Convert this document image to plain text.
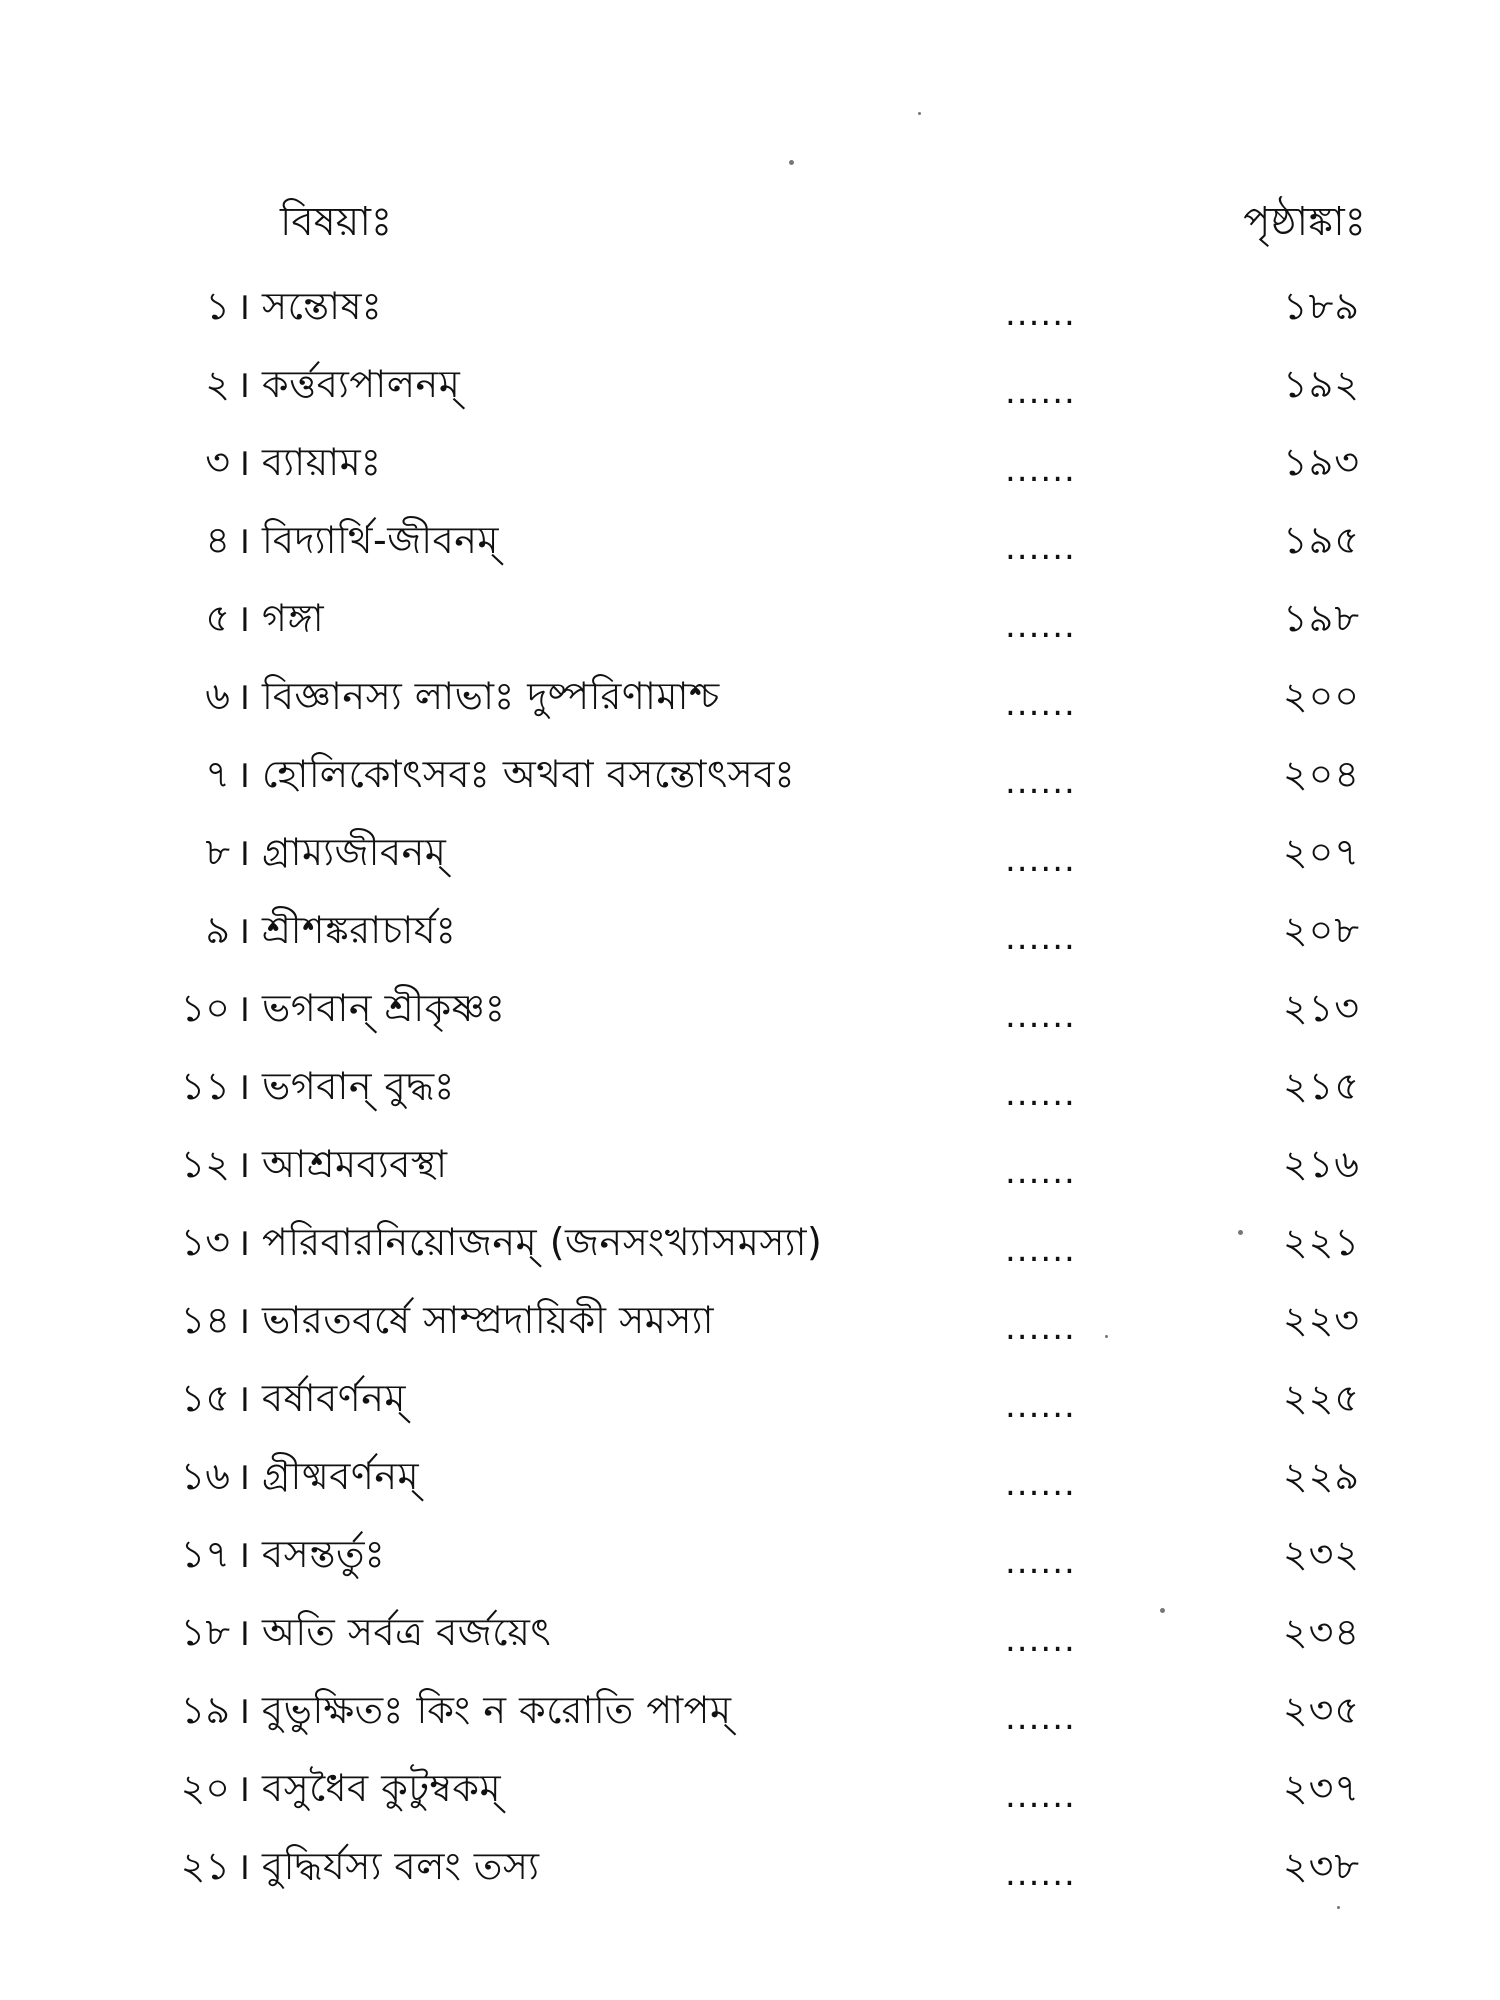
বিষয়াঃ	পৃষ্ঠাঙ্কাঃ
১ । সন্তোষঃ	......	১৮৯
২ । কর্ত্তব্যপালনম্	......	১৯২
৩ । ব্যায়ামঃ	......	১৯৩
৪ । বিদ্যার্থি-জীবনম্	......	১৯৫
৫ । গঙ্গা	......	১৯৮
৬ । বিজ্ঞানস্য লাভাঃ দুষ্পরিণামাশ্চ	......	২০০
৭ । হোলিকোৎসবঃ অথবা বসন্তোৎসবঃ	......	২০৪
৮ । গ্রাম্যজীবনম্	......	২০৭
৯ । শ্রীশঙ্করাচার্যঃ	......	২০৮
১০ । ভগবান্ শ্রীকৃষ্ণঃ	......	২১৩
১১ । ভগবান্ বুদ্ধঃ	......	২১৫
১২ । আশ্রমব্যবস্থা	......	২১৬
১৩ । পরিবারনিয়োজনম্ (জনসংখ্যাসমস্যা)	......	২২১
১৪ । ভারতবর্ষে সাম্প্রদায়িকী সমস্যা	......	২২৩
১৫ । বর্ষাবর্ণনম্	......	২২৫
১৬ । গ্রীষ্মবর্ণনম্	......	২২৯
১৭ । বসন্তর্তুঃ	......	২৩২
১৮ । অতি সর্বত্র বর্জয়েৎ	......	২৩৪
১৯ । বুভুক্ষিতঃ কিং ন করোতি পাপম্	......	২৩৫
২০ । বসুধৈব কুটুম্বকম্	......	২৩৭
২১ । বুদ্ধির্যস্য বলং তস্য	......	২৩৮
